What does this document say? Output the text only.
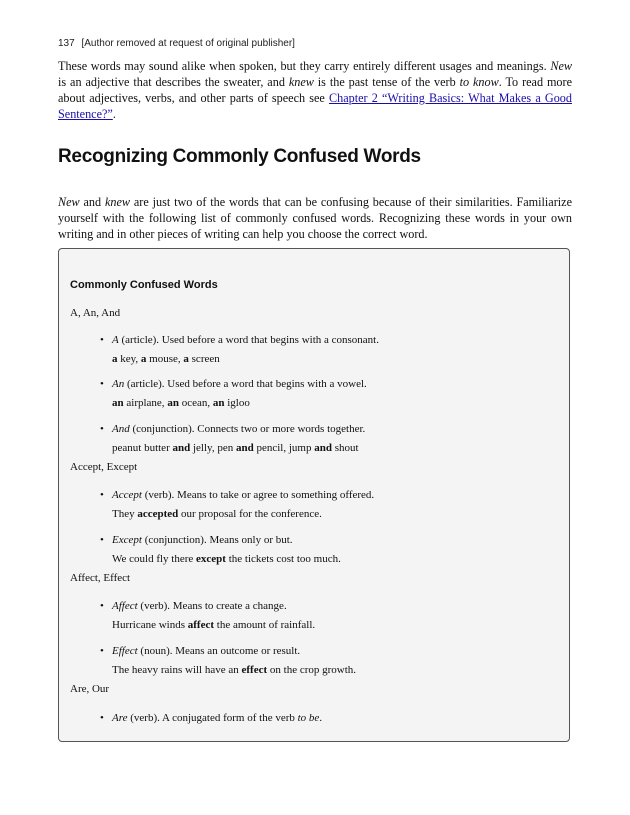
137 [Author removed at request of original publisher]

These words may sound alike when spoken, but they carry entirely different usages and meanings. New is an adjective that describes the sweater, and knew is the past tense of the verb to know. To read more about adjectives, verbs, and other parts of speech see Chapter 2 “Writing Basics: What Makes a Good Sentence?”.

Recognizing Commonly Confused Words

New and knew are just two of the words that can be confusing because of their similarities. Familiarize yourself with the following list of commonly confused words. Recognizing these words in your own writing and in other pieces of writing can help you choose the correct word.

Commonly Confused Words
A, An, And
• A (article). Used before a word that begins with a consonant.
a key, a mouse, a screen
• An (article). Used before a word that begins with a vowel.
an airplane, an ocean, an igloo
• And (conjunction). Connects two or more words together.
peanut butter and jelly, pen and pencil, jump and shout
Accept, Except
• Accept (verb). Means to take or agree to something offered.
They accepted our proposal for the conference.
• Except (conjunction). Means only or but.
We could fly there except the tickets cost too much.
Affect, Effect
• Affect (verb). Means to create a change.
Hurricane winds affect the amount of rainfall.
• Effect (noun). Means an outcome or result.
The heavy rains will have an effect on the crop growth.
Are, Our
• Are (verb). A conjugated form of the verb to be.
